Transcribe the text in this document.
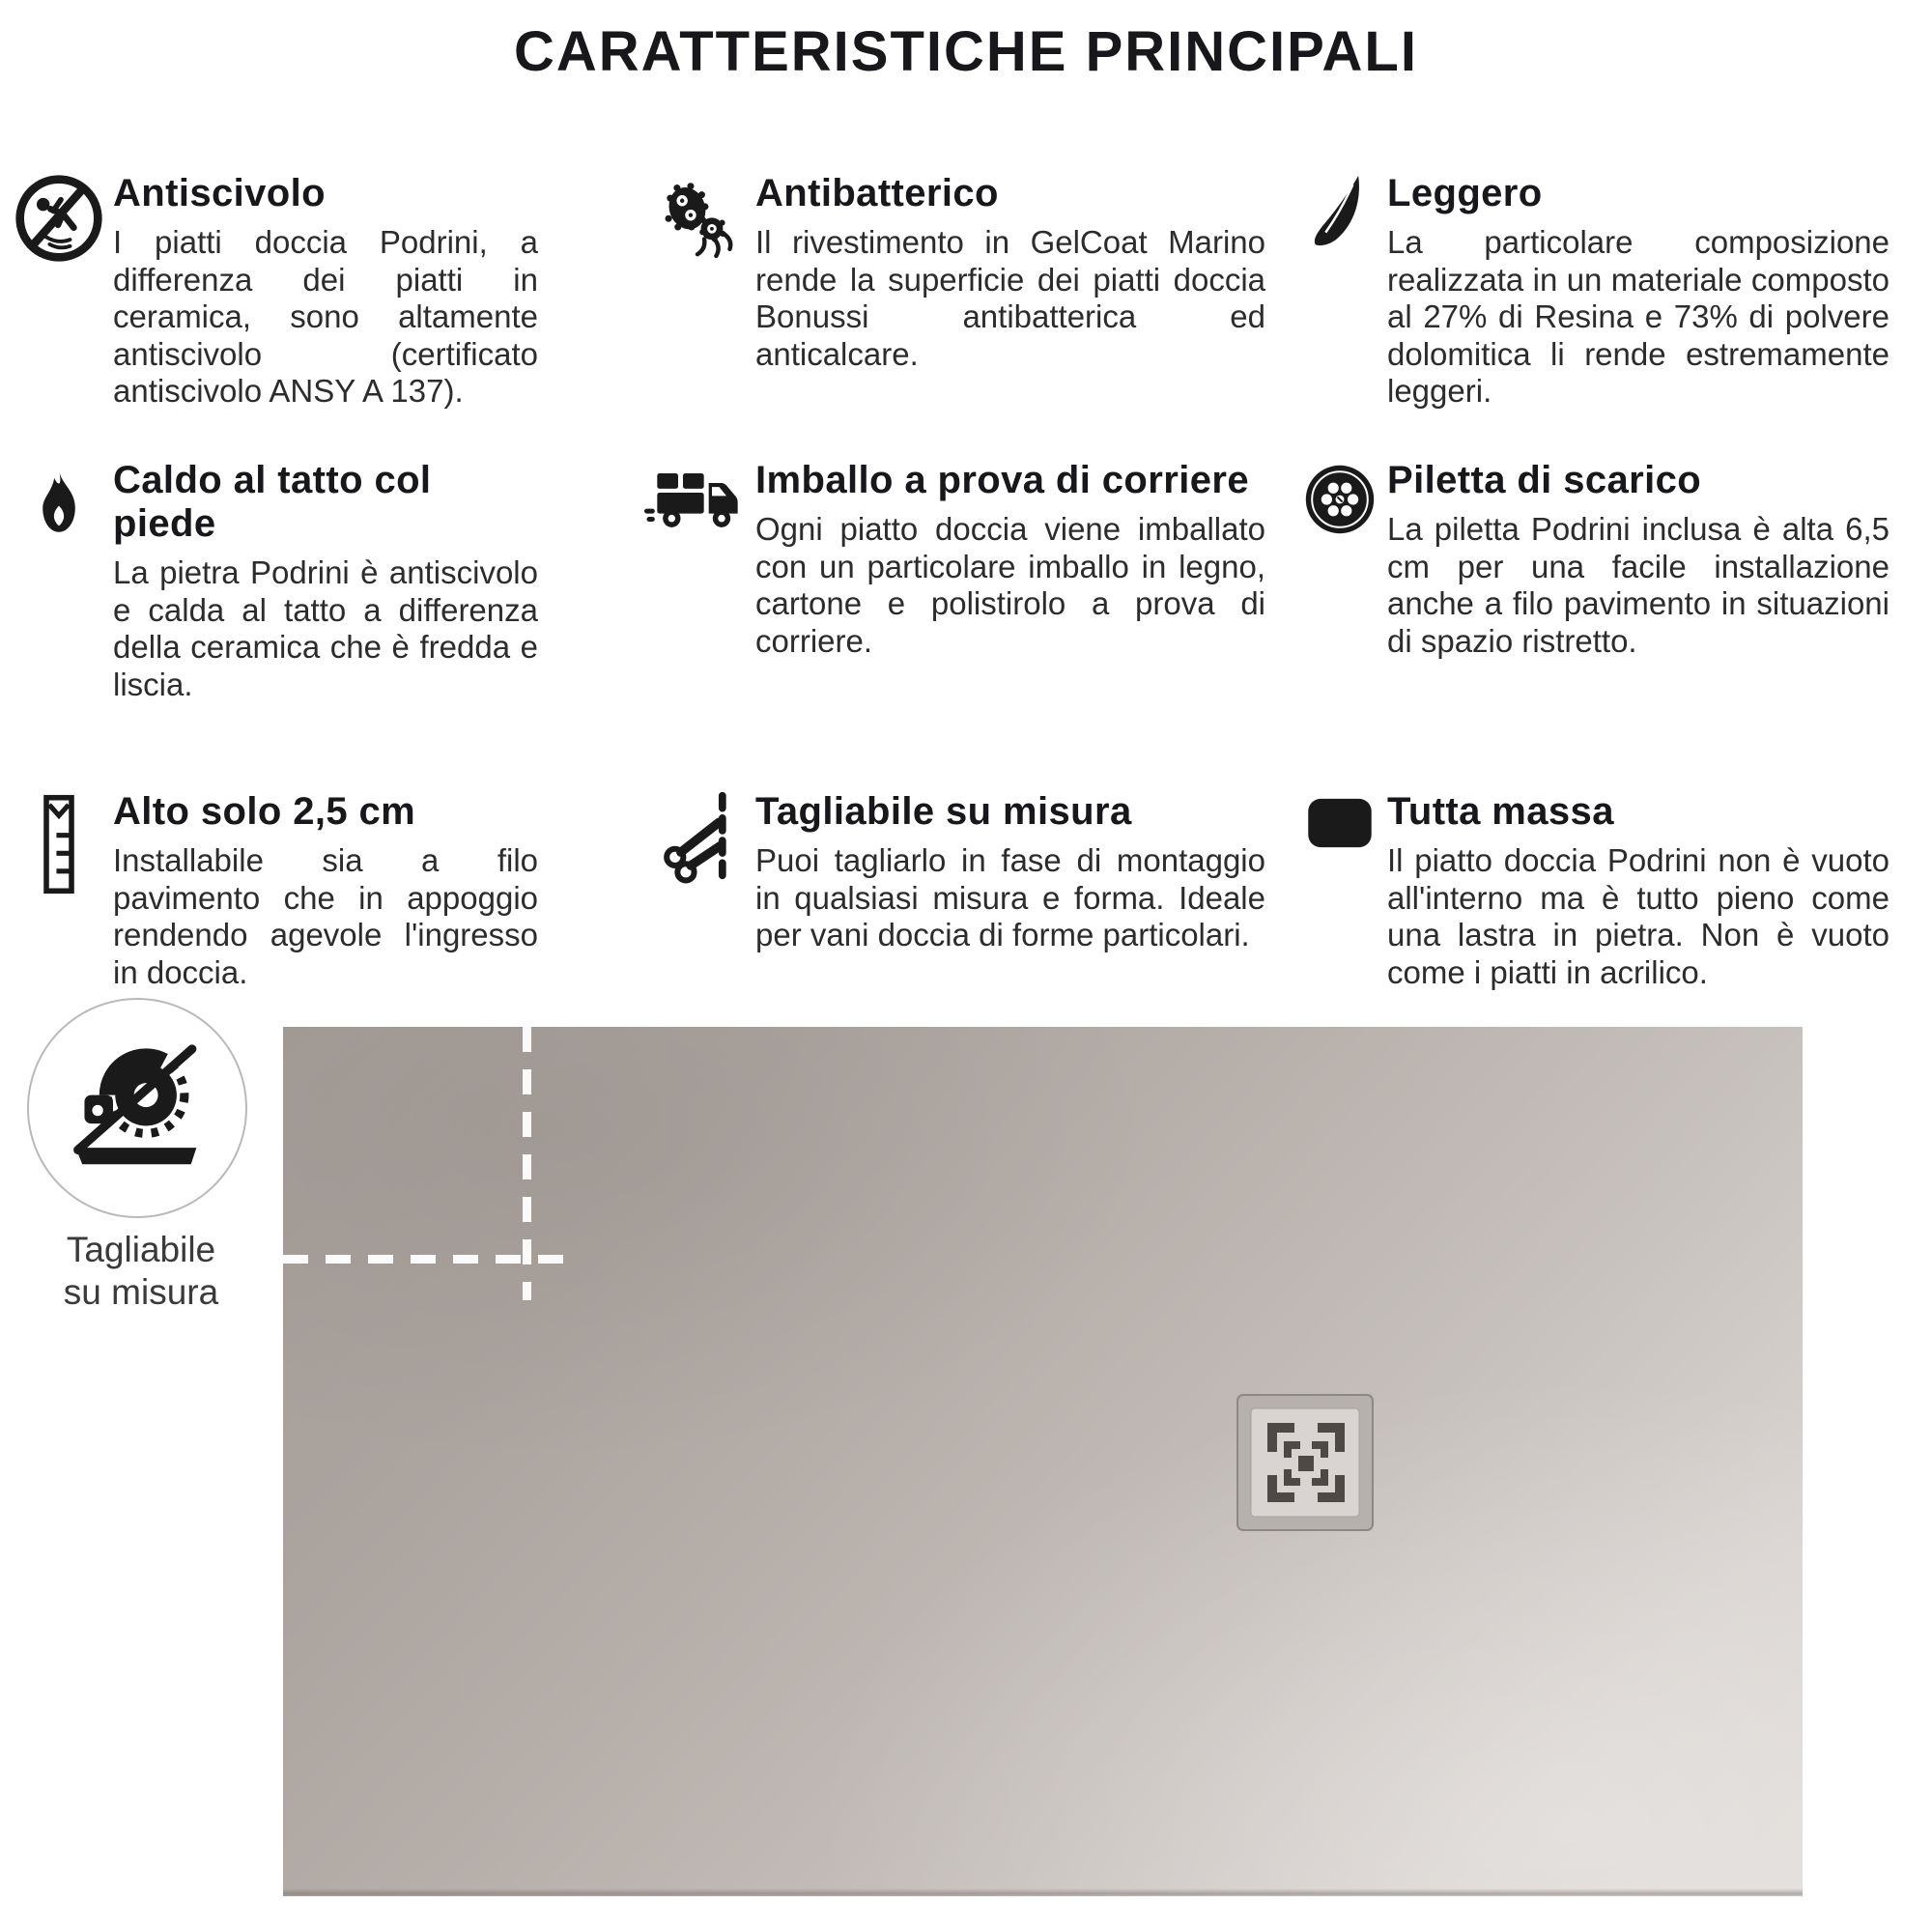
CARATTERISTICHE PRINCIPALI
Antiscivolo

I piatti doccia Podrini, a differenza dei piatti in ceramica, sono altamente antiscivolo (certificato antiscivolo ANSY A 137).

Antibatterico

Il rivestimento in GelCoat Marino rende la superficie dei piatti doccia Bonussi antibatterica ed anticalcare.

Leggero

La particolare composizione realizzata in un materiale composto al 27% di Resina e 73% di polvere dolomitica li rende estremamente leggeri.

Caldo al tatto col piede

La pietra Podrini è antiscivolo e calda al tatto a differenza della ceramica che è fredda e liscia.

Imballo a prova di corriere

Ogni piatto doccia viene imballato con un particolare imballo in legno, cartone e polistirolo a prova di corriere.

Piletta di scarico

La piletta Podrini inclusa è alta 6,5 cm per una facile installazione anche a filo pavimento in situazioni di spazio ristretto.

Alto solo 2,5 cm

Installabile sia a filo pavimento che in appoggio rendendo agevole l'ingresso in doccia.

Tagliabile su misura

Puoi tagliarlo in fase di montaggio in qualsiasi misura e forma. Ideale per vani doccia di forme particolari.

Tutta massa

Il piatto doccia Podrini non è vuoto all'interno ma è tutto pieno come una lastra in pietra. Non è vuoto come i piatti in acrilico.

Tagliabile
su misura
